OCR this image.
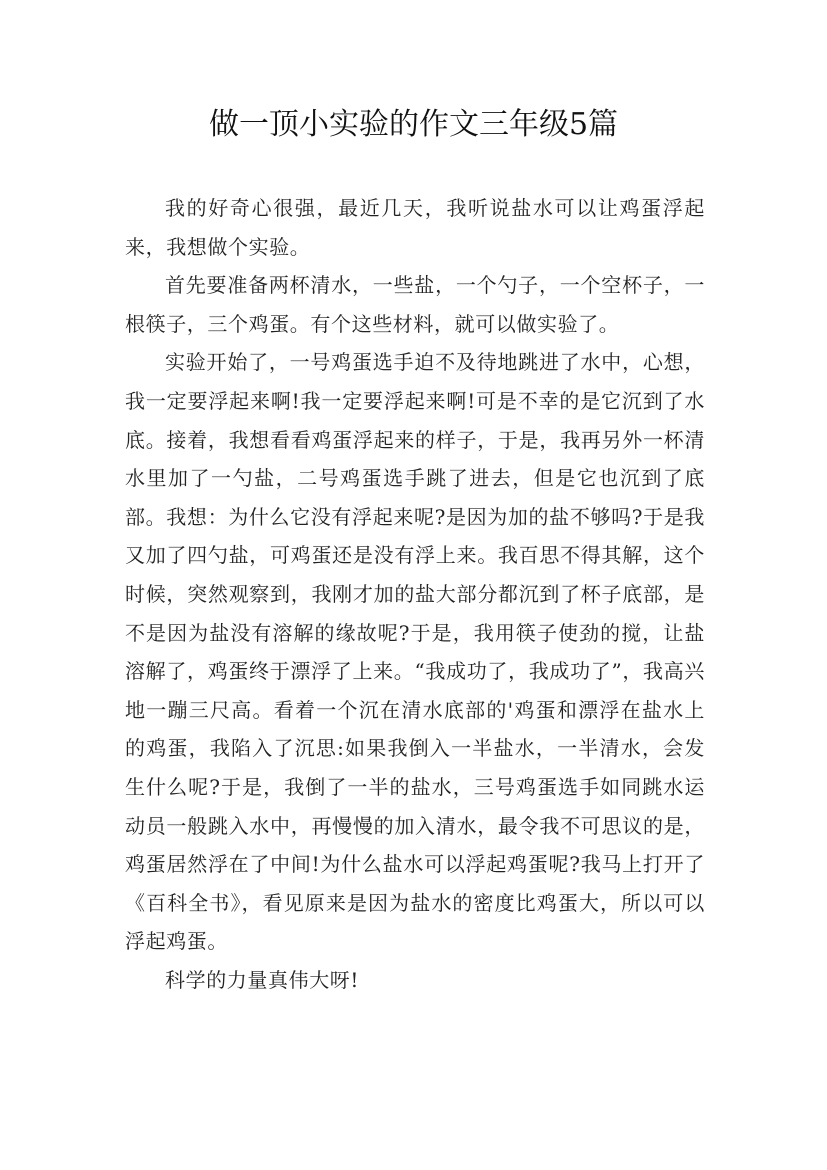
做一顶小实验的作文三年级5篇

我的好奇心很强，最近几天，我听说盐水可以让鸡蛋浮起来，我想做个实验。

首先要准备两杯清水，一些盐，一个勺子，一个空杯子，一根筷子，三个鸡蛋。有个这些材料，就可以做实验了。

实验开始了，一号鸡蛋选手迫不及待地跳进了水中，心想，我一定要浮起来啊!我一定要浮起来啊!可是不幸的是它沉到了水底。接着，我想看看鸡蛋浮起来的样子，于是，我再另外一杯清水里加了一勺盐，二号鸡蛋选手跳了进去，但是它也沉到了底部。我想：为什么它没有浮起来呢?是因为加的盐不够吗?于是我又加了四勺盐，可鸡蛋还是没有浮上来。我百思不得其解，这个时候，突然观察到，我刚才加的盐大部分都沉到了杯子底部，是不是因为盐没有溶解的缘故呢?于是，我用筷子使劲的搅，让盐溶解了，鸡蛋终于漂浮了上来。“我成功了，我成功了”，我高兴地一蹦三尺高。看着一个沉在清水底部的'鸡蛋和漂浮在盐水上的鸡蛋，我陷入了沉思:如果我倒入一半盐水，一半清水，会发生什么呢?于是，我倒了一半的盐水，三号鸡蛋选手如同跳水运动员一般跳入水中，再慢慢的加入清水，最令我不可思议的是，鸡蛋居然浮在了中间!为什么盐水可以浮起鸡蛋呢?我马上打开了《百科全书》，看见原来是因为盐水的密度比鸡蛋大，所以可以浮起鸡蛋。

科学的力量真伟大呀!
